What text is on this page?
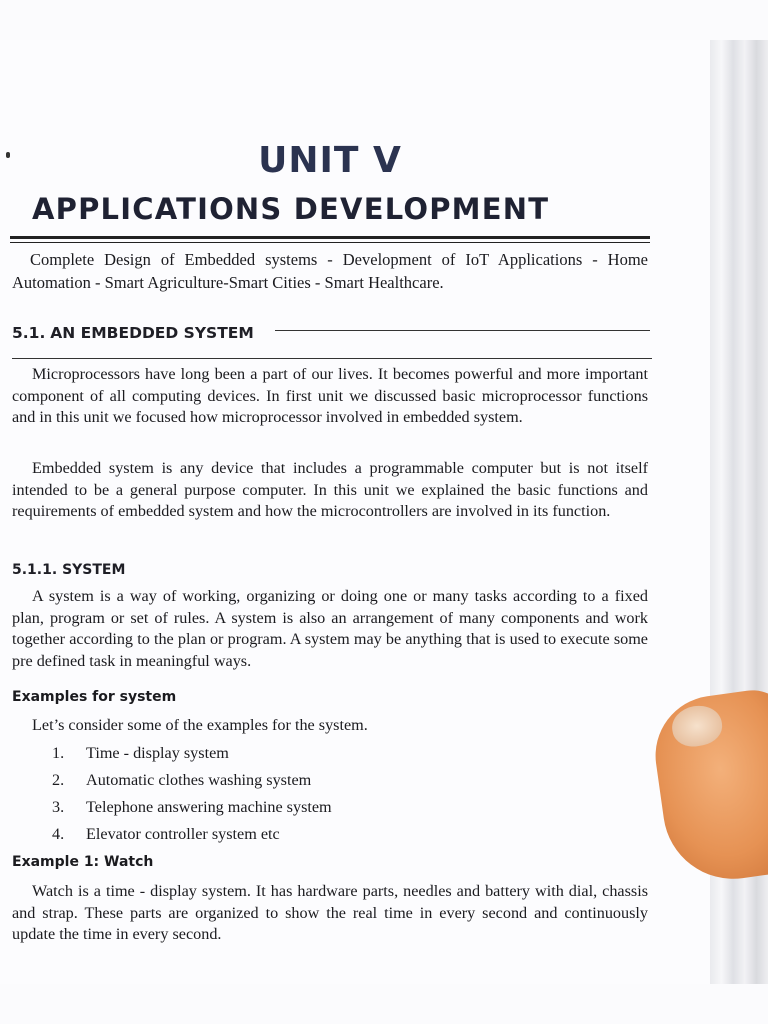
UNIT V
APPLICATIONS DEVELOPMENT
Complete Design of Embedded systems - Development of IoT Applications - Home Automation - Smart Agriculture-Smart Cities - Smart Healthcare.
5.1. AN EMBEDDED SYSTEM
Microprocessors have long been a part of our lives. It becomes powerful and more important component of all computing devices. In first unit we discussed basic microprocessor functions and in this unit we focused how microprocessor involved in embedded system.
Embedded system is any device that includes a programmable computer but is not itself intended to be a general purpose computer. In this unit we explained the basic functions and requirements of embedded system and how the microcontrollers are involved in its function.
5.1.1. SYSTEM
A system is a way of working, organizing or doing one or many tasks according to a fixed plan, program or set of rules. A system is also an arrangement of many components and work together according to the plan or program. A system may be anything that is used to execute some pre defined task in meaningful ways.
Examples for system
Let’s consider some of the examples for the system.
1. Time - display system
2. Automatic clothes washing system
3. Telephone answering machine system
4. Elevator controller system etc
Example 1: Watch
Watch is a time - display system. It has hardware parts, needles and battery with dial, chassis and strap. These parts are organized to show the real time in every second and continuously update the time in every second.
